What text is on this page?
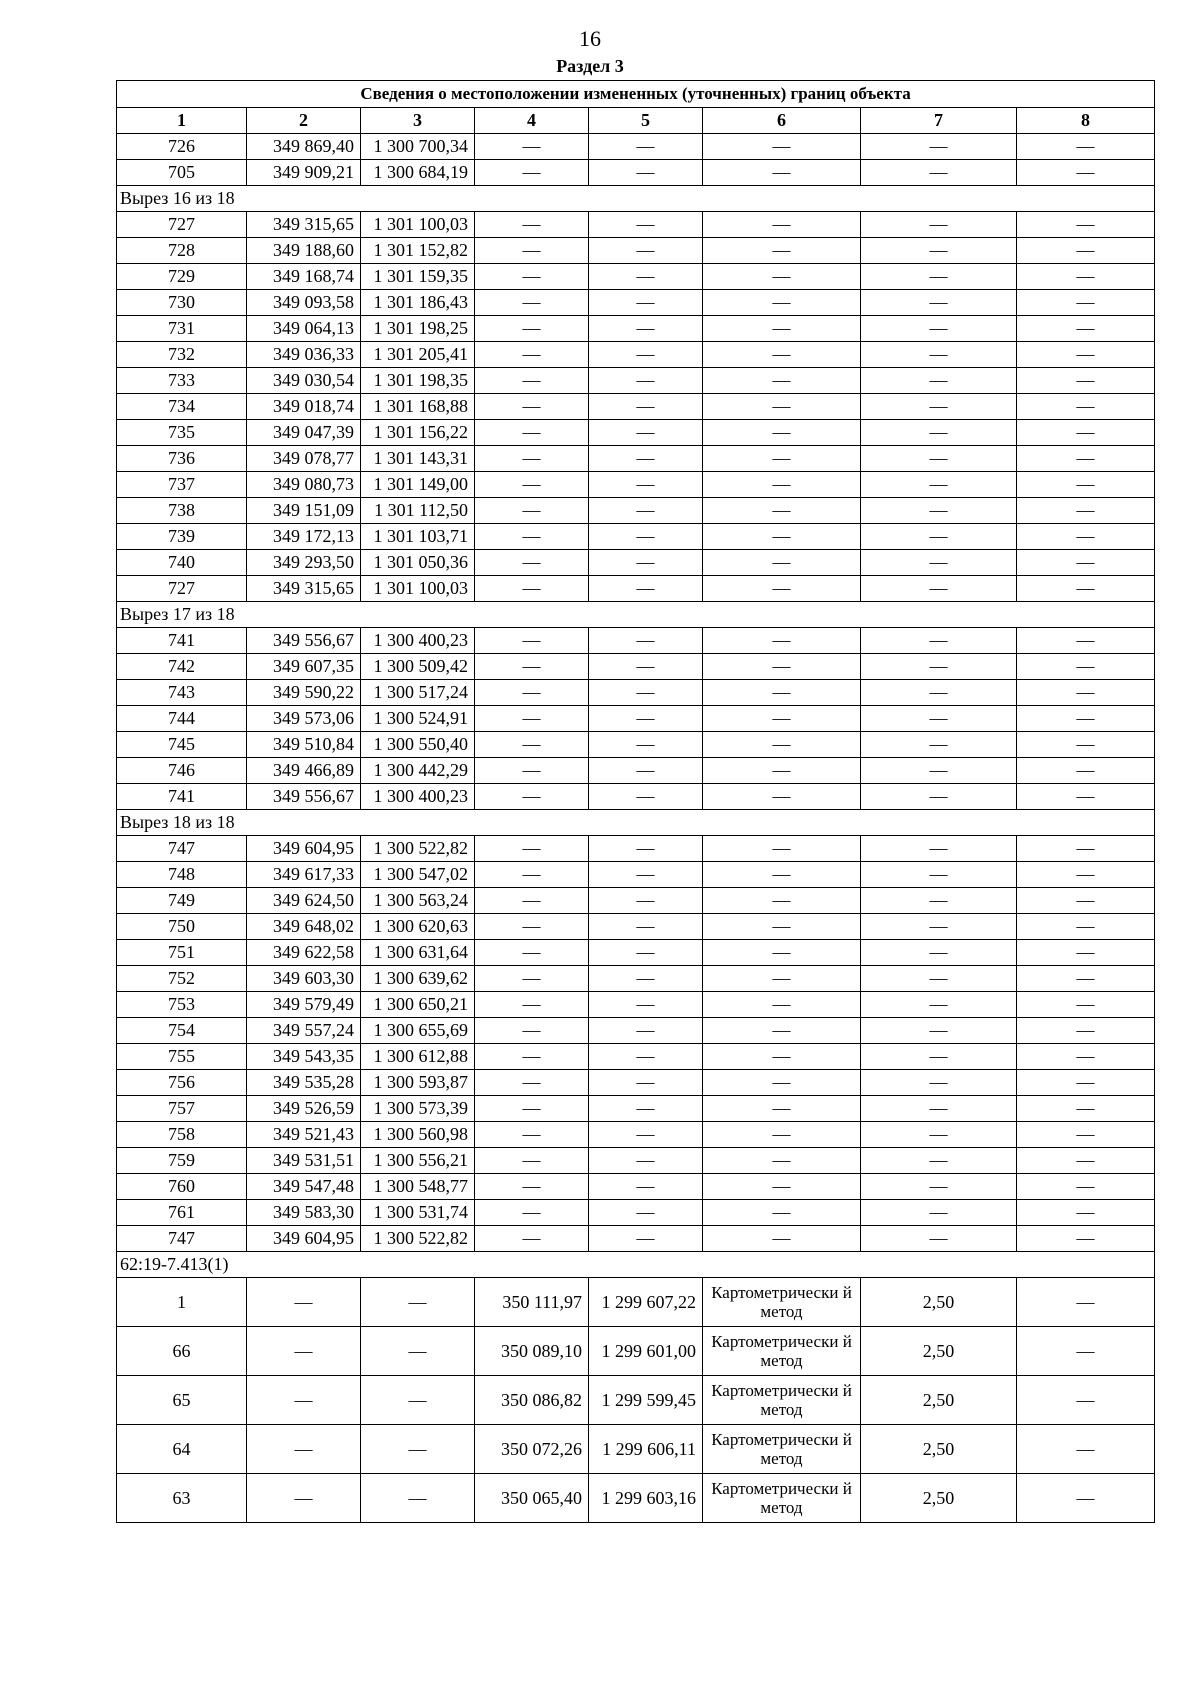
16
Раздел 3
Сведения о местоположении измененных (уточненных) границ объекта							
1	2	3	4	5	6	7	8
726	349 869,40	1 300 700,34	—	—	—	—	—
705	349 909,21	1 300 684,19	—	—	—	—	—
Вырез 16 из 18							
727	349 315,65	1 301 100,03	—	—	—	—	—
728	349 188,60	1 301 152,82	—	—	—	—	—
729	349 168,74	1 301 159,35	—	—	—	—	—
730	349 093,58	1 301 186,43	—	—	—	—	—
731	349 064,13	1 301 198,25	—	—	—	—	—
732	349 036,33	1 301 205,41	—	—	—	—	—
733	349 030,54	1 301 198,35	—	—	—	—	—
734	349 018,74	1 301 168,88	—	—	—	—	—
735	349 047,39	1 301 156,22	—	—	—	—	—
736	349 078,77	1 301 143,31	—	—	—	—	—
737	349 080,73	1 301 149,00	—	—	—	—	—
738	349 151,09	1 301 112,50	—	—	—	—	—
739	349 172,13	1 301 103,71	—	—	—	—	—
740	349 293,50	1 301 050,36	—	—	—	—	—
727	349 315,65	1 301 100,03	—	—	—	—	—
Вырез 17 из 18							
741	349 556,67	1 300 400,23	—	—	—	—	—
742	349 607,35	1 300 509,42	—	—	—	—	—
743	349 590,22	1 300 517,24	—	—	—	—	—
744	349 573,06	1 300 524,91	—	—	—	—	—
745	349 510,84	1 300 550,40	—	—	—	—	—
746	349 466,89	1 300 442,29	—	—	—	—	—
741	349 556,67	1 300 400,23	—	—	—	—	—
Вырез 18 из 18							
747	349 604,95	1 300 522,82	—	—	—	—	—
748	349 617,33	1 300 547,02	—	—	—	—	—
749	349 624,50	1 300 563,24	—	—	—	—	—
750	349 648,02	1 300 620,63	—	—	—	—	—
751	349 622,58	1 300 631,64	—	—	—	—	—
752	349 603,30	1 300 639,62	—	—	—	—	—
753	349 579,49	1 300 650,21	—	—	—	—	—
754	349 557,24	1 300 655,69	—	—	—	—	—
755	349 543,35	1 300 612,88	—	—	—	—	—
756	349 535,28	1 300 593,87	—	—	—	—	—
757	349 526,59	1 300 573,39	—	—	—	—	—
758	349 521,43	1 300 560,98	—	—	—	—	—
759	349 531,51	1 300 556,21	—	—	—	—	—
760	349 547,48	1 300 548,77	—	—	—	—	—
761	349 583,30	1 300 531,74	—	—	—	—	—
747	349 604,95	1 300 522,82	—	—	—	—	—
62:19-7.413(1)							
1	—	—	350 111,97	1 299 607,22	Картометрически й метод	2,50	—
66	—	—	350 089,10	1 299 601,00	Картометрически й метод	2,50	—
65	—	—	350 086,82	1 299 599,45	Картометрически й метод	2,50	—
64	—	—	350 072,26	1 299 606,11	Картометрически й метод	2,50	—
63	—	—	350 065,40	1 299 603,16	Картометрически й метод	2,50	—
